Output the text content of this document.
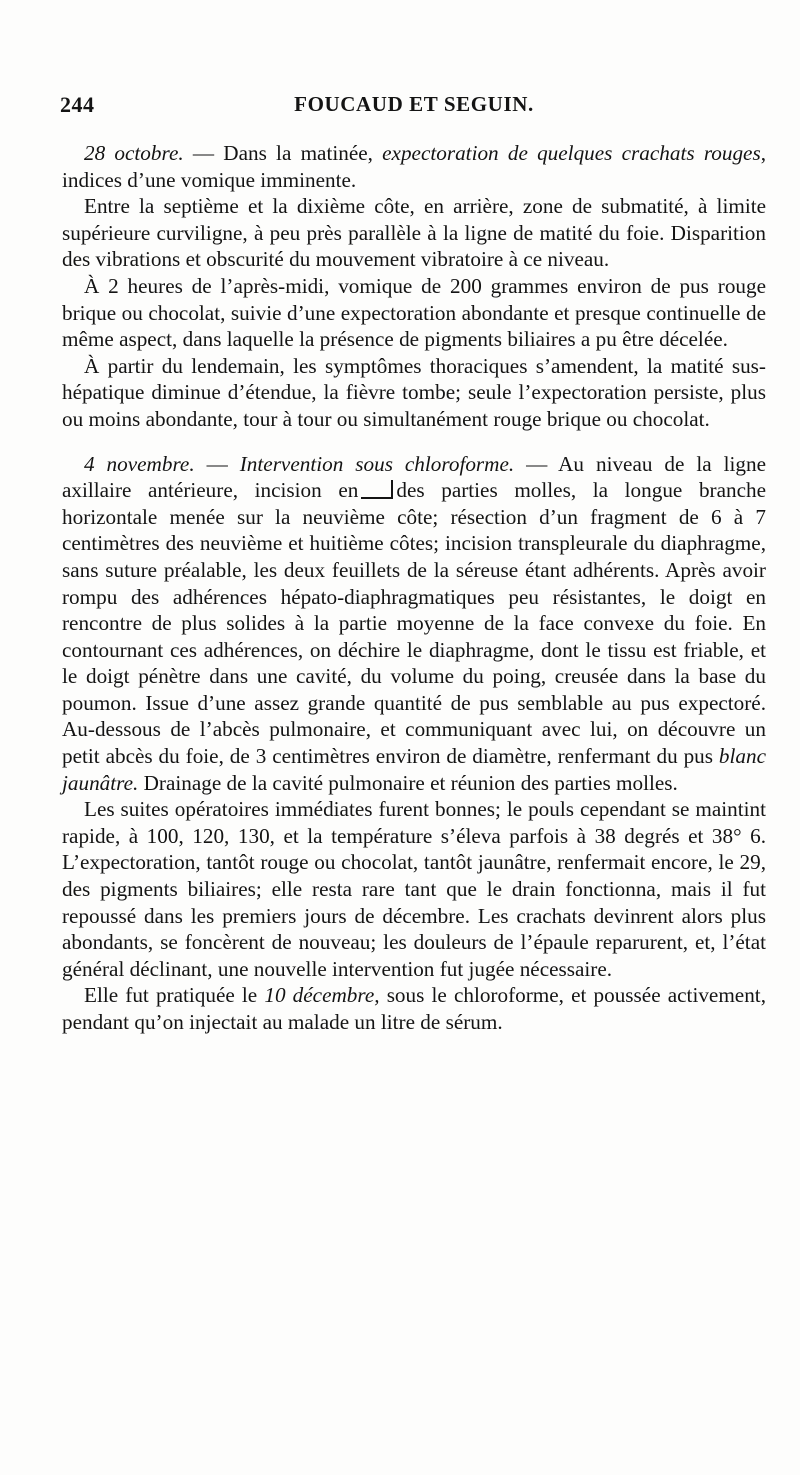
244	FOUCAUD ET SEGUIN.

28 octobre. — Dans la matinée, expectoration de quelques crachats rouges, indices d’une vomique imminente.

Entre la septième et la dixième côte, en arrière, zone de submatité, à limite supérieure curviligne, à peu près parallèle à la ligne de matité du foie. Disparition des vibrations et obscurité du mouvement vibratoire à ce niveau.

À 2 heures de l’après-midi, vomique de 200 grammes environ de pus rouge brique ou chocolat, suivie d’une expectoration abondante et presque continuelle de même aspect, dans laquelle la présence de pigments biliaires a pu être décelée.

À partir du lendemain, les symptômes thoraciques s’amendent, la matité sus-hépatique diminue d’étendue, la fièvre tombe; seule l’expectoration persiste, plus ou moins abondante, tour à tour ou simultanément rouge brique ou chocolat.

4 novembre. — Intervention sous chloroforme. — Au niveau de la ligne axillaire antérieure, incision en des parties molles, la longue branche horizontale menée sur la neuvième côte; résection d’un fragment de 6 à 7 centimètres des neuvième et huitième côtes; incision transpleurale du diaphragme, sans suture préalable, les deux feuillets de la séreuse étant adhérents. Après avoir rompu des adhérences hépato-diaphragmatiques peu résistantes, le doigt en rencontre de plus solides à la partie moyenne de la face convexe du foie. En contournant ces adhérences, on déchire le diaphragme, dont le tissu est friable, et le doigt pénètre dans une cavité, du volume du poing, creusée dans la base du poumon. Issue d’une assez grande quantité de pus semblable au pus expectoré. Au-dessous de l’abcès pulmonaire, et communiquant avec lui, on découvre un petit abcès du foie, de 3 centimètres environ de diamètre, renfermant du pus blanc jaunâtre. Drainage de la cavité pulmonaire et réunion des parties molles.

Les suites opératoires immédiates furent bonnes; le pouls cependant se maintint rapide, à 100, 120, 130, et la température s’éleva parfois à 38 degrés et 38° 6. L’expectoration, tantôt rouge ou chocolat, tantôt jaunâtre, renfermait encore, le 29, des pigments biliaires; elle resta rare tant que le drain fonctionna, mais il fut repoussé dans les premiers jours de décembre. Les crachats devinrent alors plus abondants, se foncèrent de nouveau; les douleurs de l’épaule reparurent, et, l’état général déclinant, une nouvelle intervention fut jugée nécessaire.

Elle fut pratiquée le 10 décembre, sous le chloroforme, et poussée activement, pendant qu’on injectait au malade un litre de sérum.
